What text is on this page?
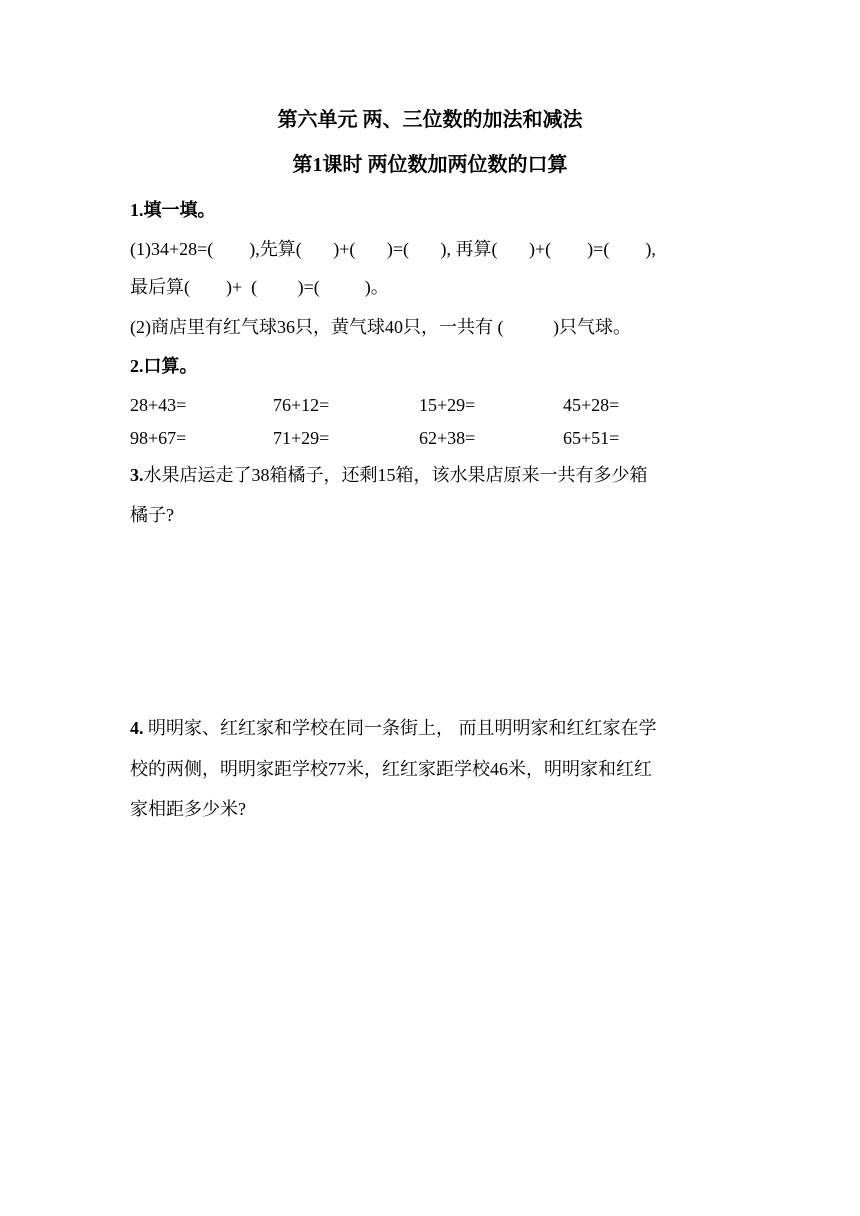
第六单元 两、三位数的加法和减法
第1课时 两位数加两位数的口算
1.填一填。
(1)34+28=(        ),先算(       )+(       )=(       ), 再算(       )+(        )=(        ),
最后算(        )+  (         )=(          )。
(2)商店里有红气球36只，黄气球40只，一共有 (           )只气球。
2.口算。
28+43=	76+12=	15+29=	45+28=
98+67=	71+29=	62+38=	65+51=
3.水果店运走了38箱橘子，还剩15箱，该水果店原来一共有多少箱
橘子?
4. 明明家、红红家和学校在同一条街上， 而且明明家和红红家在学
校的两侧，明明家距学校77米，红红家距学校46米，明明家和红红
家相距多少米?
